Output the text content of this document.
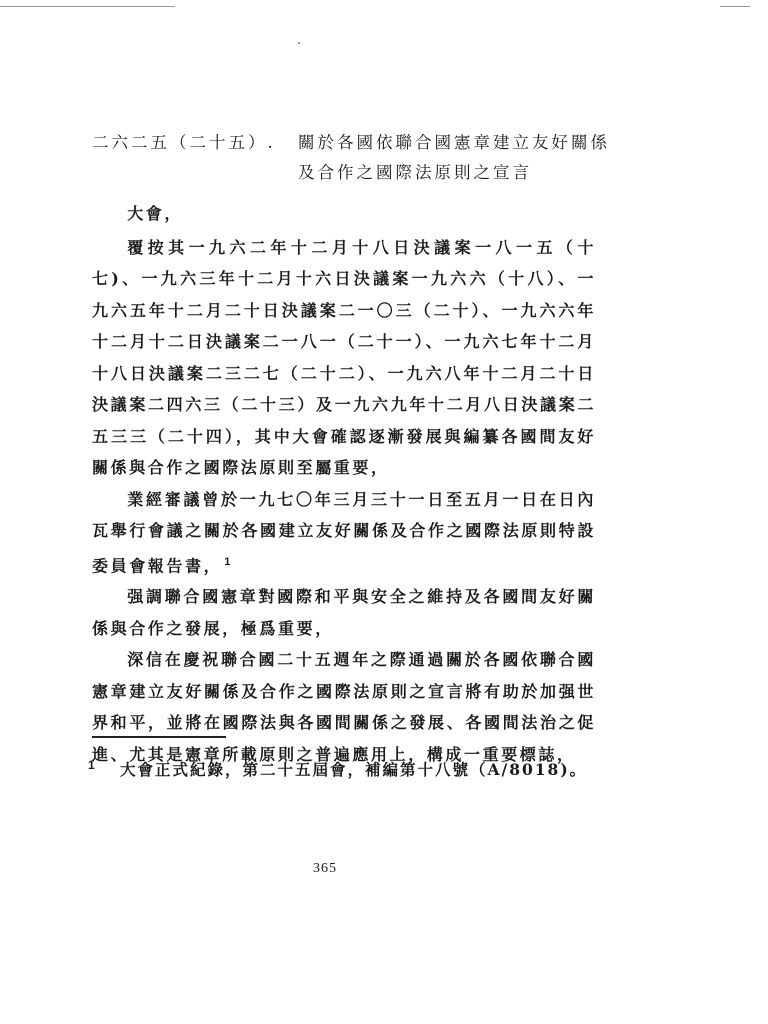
二六二五（二十五）. 關於各國依聯合國憲章建立友好關係
及合作之國際法原則之宣言

大會，

覆按其一九六二年十二月十八日決議案一八一五（十七)、一九六三年十二月十六日決議案一九六六（十八）、一九六五年十二月二十日決議案二一〇三（二十）、一九六六年十二月十二日決議案二一八一（二十一）、一九六七年十二月十八日決議案二三二七（二十二）、一九六八年十二月二十日決議案二四六三（二十三）及一九六九年十二月八日決議案二五三三（二十四），其中大會確認逐漸發展與編纂各國間友好關係與合作之國際法原則至屬重要，

業經審議曾於一九七〇年三月三十一日至五月一日在日內瓦舉行會議之關於各國建立友好關係及合作之國際法原則特設委員會報告書， $^1$

强調聯合國憲章對國際和平與安全之維持及各國間友好關係與合作之發展，極爲重要，

深信在慶祝聯合國二十五週年之際通過關於各國依聯合國憲章建立友好關係及合作之國際法原則之宣言將有助於加强世界和平，並將在國際法與各國間關係之發展、各國間法治之促進、尤其是憲章所載原則之普遍應用上，構成一重要標誌，

1 大會正式紀錄，第二十五屆會，補編第十八號（A/8018)。
365
